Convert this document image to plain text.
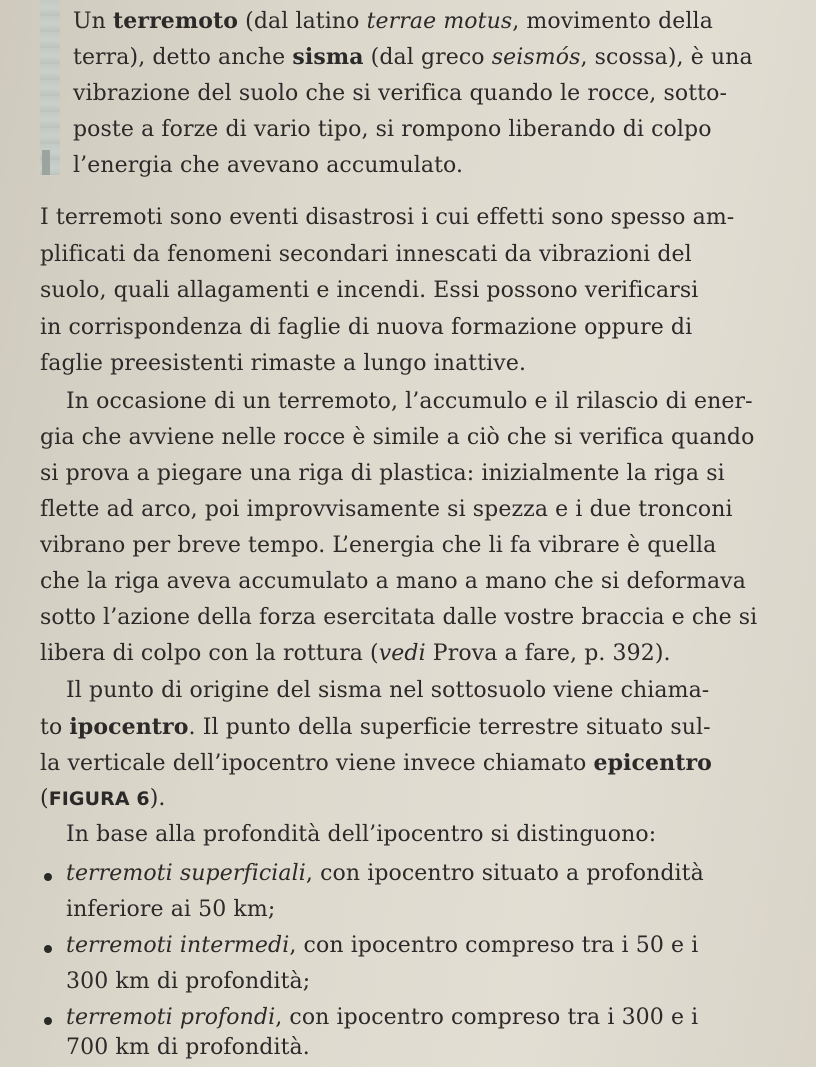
Un terremoto (dal latino terrae motus, movimento della
terra), detto anche sisma (dal greco seismós, scossa), è una
vibrazione del suolo che si verifica quando le rocce, sotto-
poste a forze di vario tipo, si rompono liberando di colpo
l’energia che avevano accumulato.
I terremoti sono eventi disastrosi i cui effetti sono spesso am-
plificati da fenomeni secondari innescati da vibrazioni del
suolo, quali allagamenti e incendi. Essi possono verificarsi
in corrispondenza di faglie di nuova formazione oppure di
faglie preesistenti rimaste a lungo inattive.
In occasione di un terremoto, l’accumulo e il rilascio di ener-
gia che avviene nelle rocce è simile a ciò che si verifica quando
si prova a piegare una riga di plastica: inizialmente la riga si
flette ad arco, poi improvvisamente si spezza e i due tronconi
vibrano per breve tempo. L’energia che li fa vibrare è quella
che la riga aveva accumulato a mano a mano che si deformava
sotto l’azione della forza esercitata dalle vostre braccia e che si
libera di colpo con la rottura (vedi Prova a fare, p. 392).
Il punto di origine del sisma nel sottosuolo viene chiama-
to ipocentro. Il punto della superficie terrestre situato sul-
la verticale dell’ipocentro viene invece chiamato epicentro
(FIGURA 6).
In base alla profondità dell’ipocentro si distinguono:
terremoti superficiali, con ipocentro situato a profondità
inferiore ai 50 km;
terremoti intermedi, con ipocentro compreso tra i 50 e i
300 km di profondità;
terremoti profondi, con ipocentro compreso tra i 300 e i
700 km di profondità.
